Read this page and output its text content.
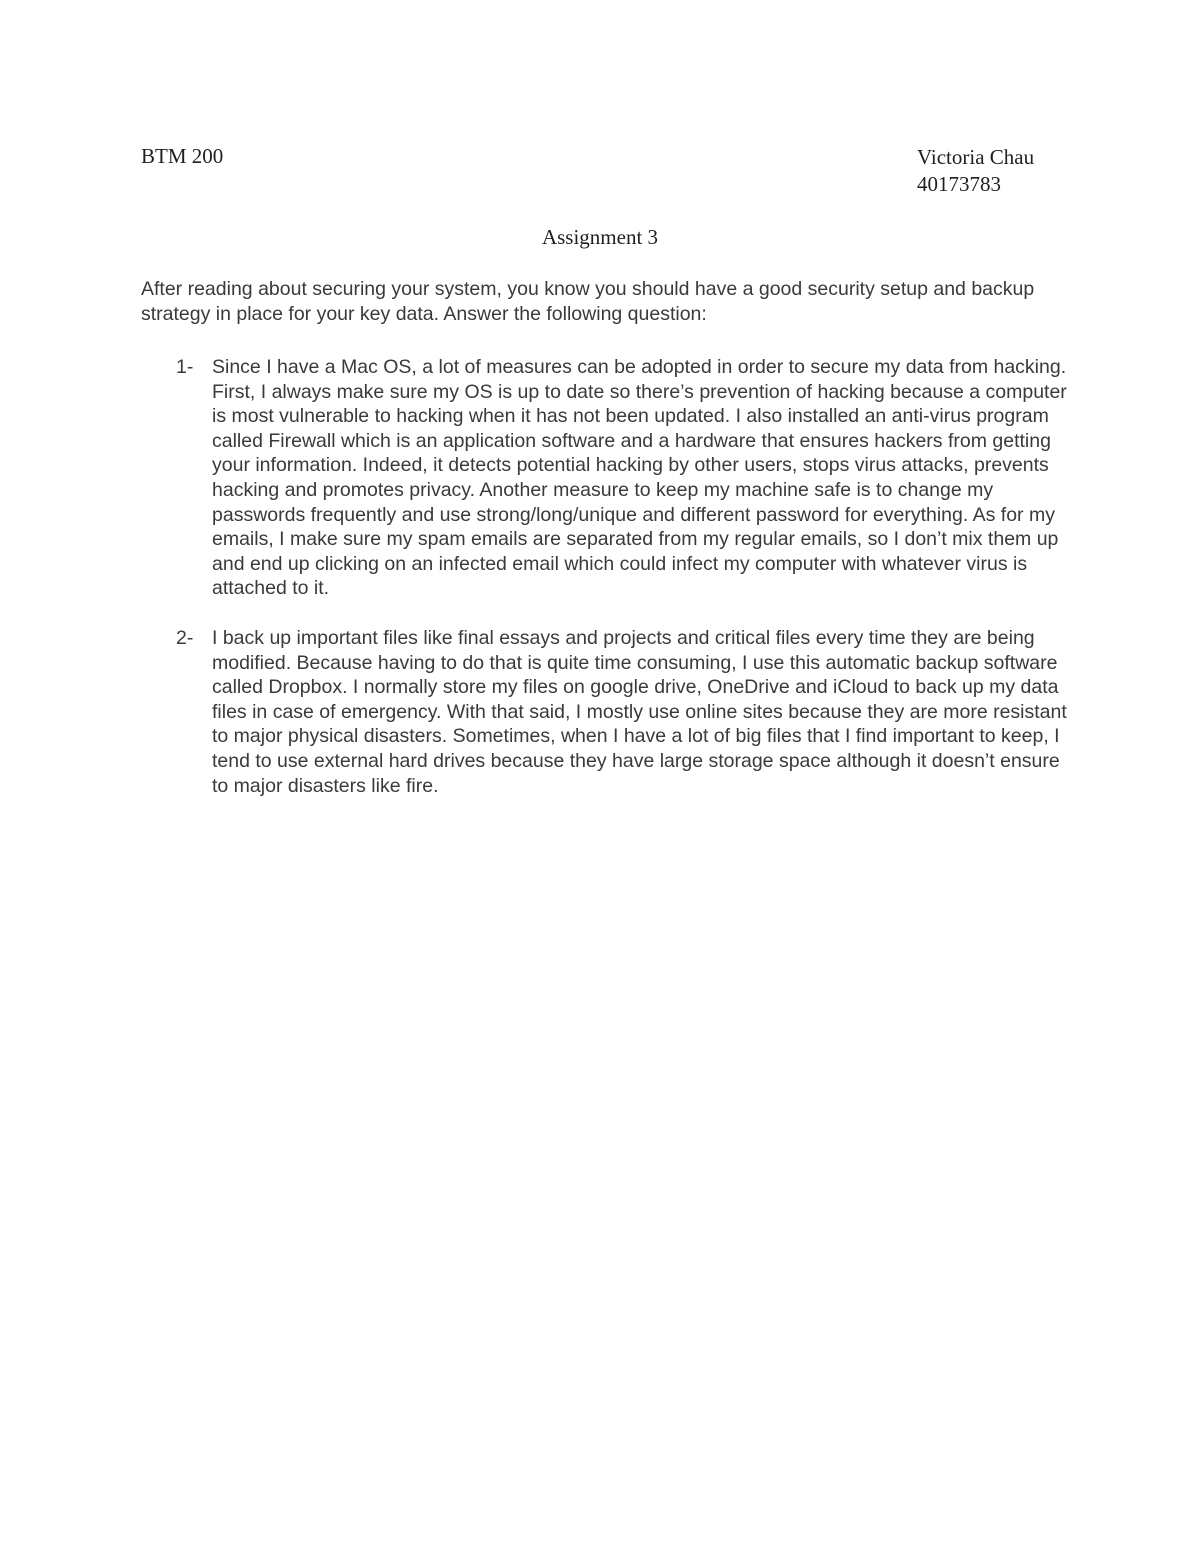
BTM 200	Victoria Chau
40173783
Assignment 3
After reading about securing your system, you know you should have a good security setup and backup strategy in place for your key data. Answer the following question:
1- Since I have a Mac OS, a lot of measures can be adopted in order to secure my data from hacking. First, I always make sure my OS is up to date so there’s prevention of hacking because a computer is most vulnerable to hacking when it has not been updated. I also installed an anti-virus program called Firewall which is an application software and a hardware that ensures hackers from getting your information. Indeed, it detects potential hacking by other users, stops virus attacks, prevents hacking and promotes privacy. Another measure to keep my machine safe is to change my passwords frequently and use strong/long/unique and different password for everything. As for my emails, I make sure my spam emails are separated from my regular emails, so I don’t mix them up and end up clicking on an infected email which could infect my computer with whatever virus is attached to it.
2- I back up important files like final essays and projects and critical files every time they are being modified. Because having to do that is quite time consuming, I use this automatic backup software called Dropbox. I normally store my files on google drive, OneDrive and iCloud to back up my data files in case of emergency. With that said, I mostly use online sites because they are more resistant to major physical disasters. Sometimes, when I have a lot of big files that I find important to keep, I tend to use external hard drives because they have large storage space although it doesn’t ensure to major disasters like fire.
